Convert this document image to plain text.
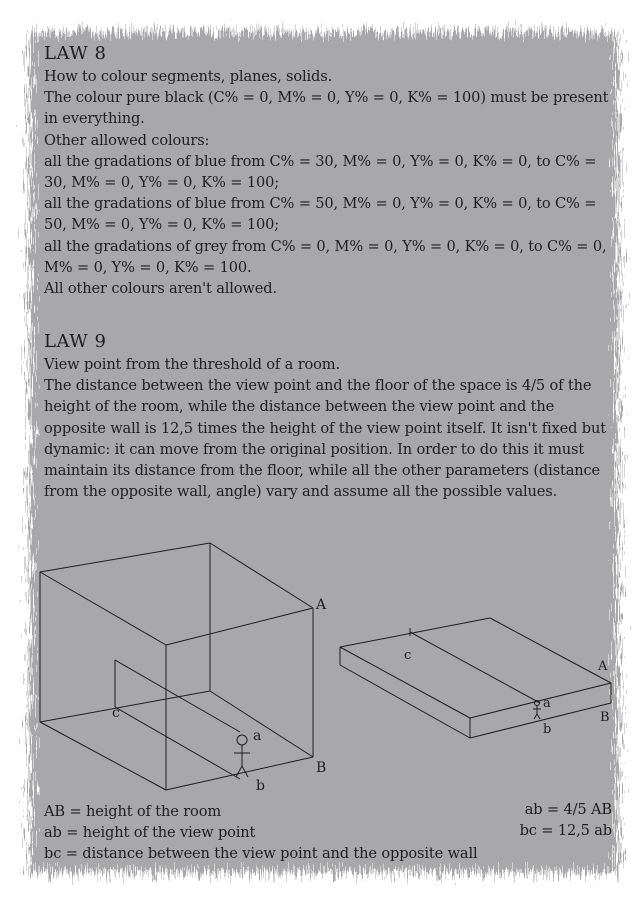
LAW 8

How to colour segments, planes, solids.

The colour pure black (C% = 0, M% = 0, Y% = 0, K% = 100) must be present in everything.

Other allowed colours:

all the gradations of blue from C% = 30, M% = 0, Y% = 0, K% = 0, to C% = 30, M% = 0, Y% = 0, K% = 100;

all the gradations of blue from C% = 50, M% = 0, Y% = 0, K% = 0, to C% = 50, M% = 0, Y% = 0, K% = 100;

all the gradations of grey from C% = 0, M% = 0, Y% = 0, K% = 0, to C% = 0, M% = 0, Y% = 0, K% = 100.

All other colours aren't allowed.

LAW 9

View point from the threshold of a room.

The distance between the view point and the floor of the space is 4/5 of the height of the room, while the distance between the view point and the opposite wall is 12,5 times the height of the view point itself. It isn't fixed but dynamic: it can move from the original position. In order to do this it must maintain its distance from the floor, while all the other parameters (distance from the opposite wall, angle) vary and assume all the possible values.

A
B
a
b
c
A
B
a
b
c
AB = height of the room
ab = height of the view point
bc = distance between the view point and the opposite wall
ab = 4/5 AB
bc = 12,5 ab
